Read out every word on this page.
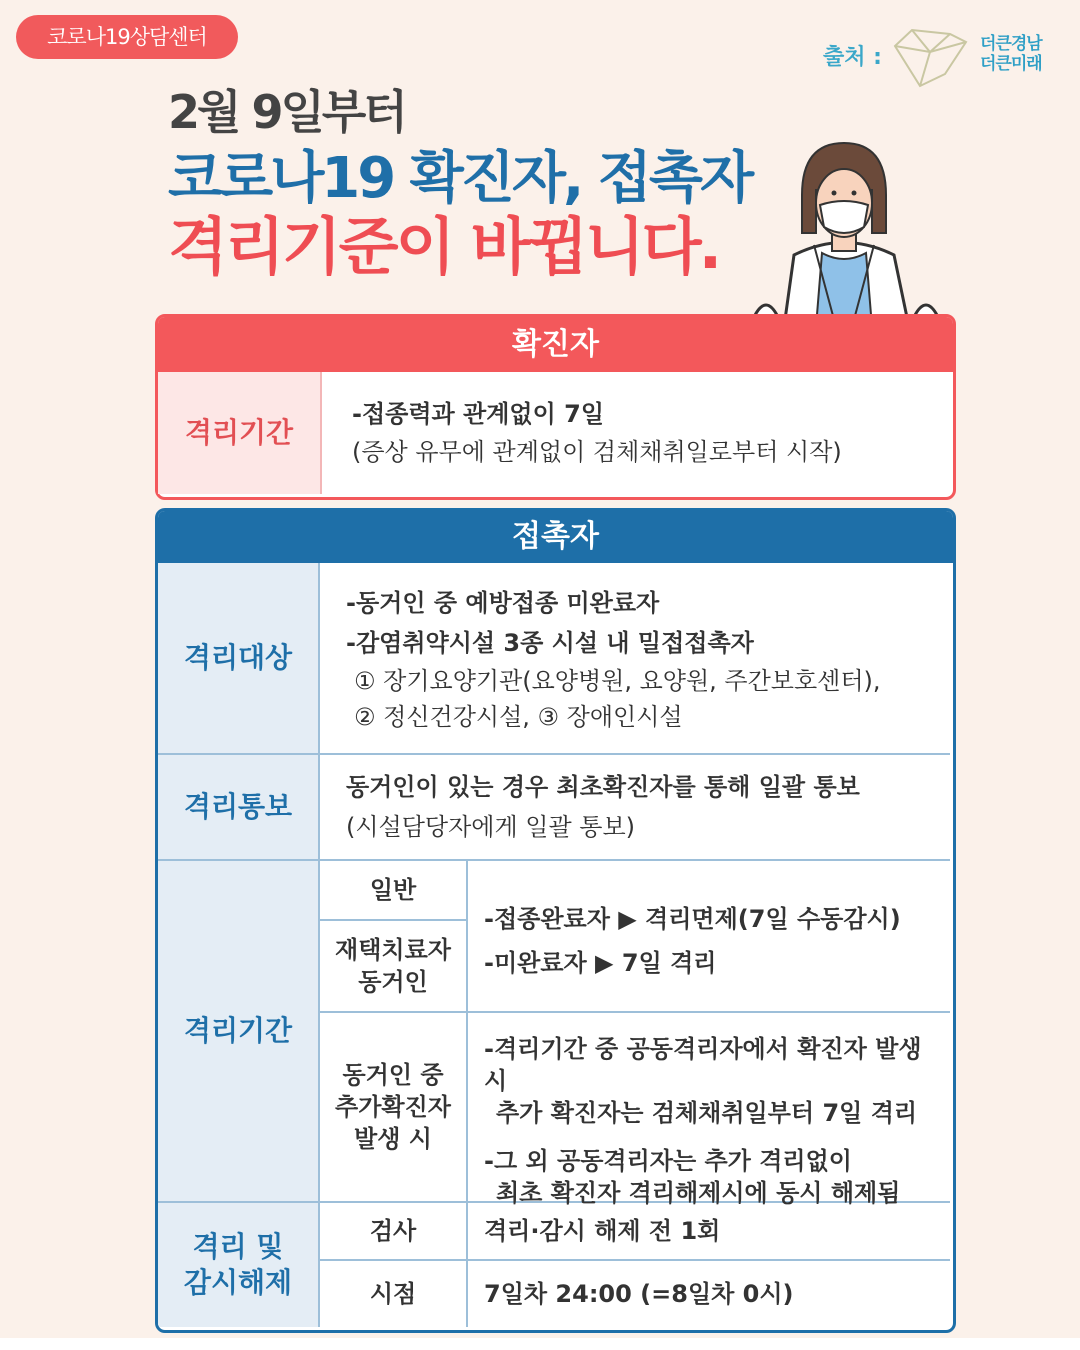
코로나19상담센터
출처 :
더큰경남
더큰미래
2월 9일부터
코로나19 확진자, 접촉자
격리기준이 바뀝니다.
확진자
격리기간
-접종력과 관계없이 7일
(증상 유무에 관계없이 검체채취일로부터 시작)
접촉자
격리대상

-동거인 중 예방접종 미완료자

-감염취약시설 3종 시설 내 밀접접촉자

① 장기요양기관(요양병원, 요양원, 주간보호센터),

② 정신건강시설, ③ 장애인시설

격리통보

동거인이 있는 경우 최초확진자를 통해 일괄 통보

(시설담당자에게 일괄 통보)

격리기간
일반
재택치료자
동거인

-접종완료자 ▶ 격리면제(7일 수동감시)

-미완료자 ▶ 7일 격리

동거인 중
추가확진자
발생 시

-격리기간 중 공동격리자에서 확진자 발생 시

추가 확진자는 검체채취일부터 7일 격리

-그 외 공동격리자는 추가 격리없이

최초 확진자 격리해제시에 동시 해제됨

격리 및
감시해제
검사	격리·감시 해제 전 1회
시점	7일차 24:00 (=8일차 0시)
